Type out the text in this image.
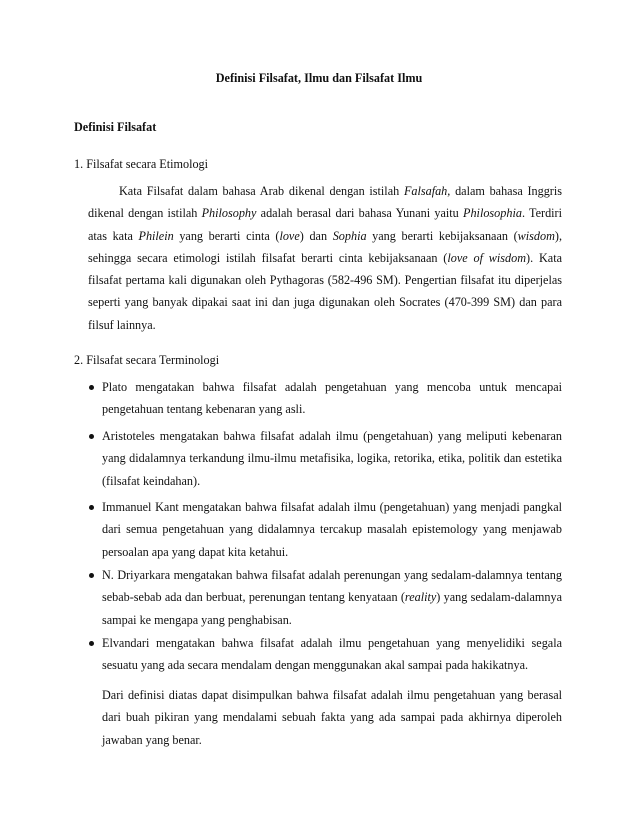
Definisi Filsafat, Ilmu dan Filsafat Ilmu
Definisi Filsafat

1. Filsafat secara Etimologi

Kata Filsafat dalam bahasa Arab dikenal dengan istilah Falsafah, dalam bahasa Inggris dikenal dengan istilah Philosophy adalah berasal dari bahasa Yunani yaitu Philosophia. Terdiri atas kata Philein yang berarti cinta (love) dan Sophia yang berarti kebijaksanaan (wisdom), sehingga secara etimologi istilah filsafat berarti cinta kebijaksanaan (love of wisdom). Kata filsafat pertama kali digunakan oleh Pythagoras (582-496 SM). Pengertian filsafat itu diperjelas seperti yang banyak dipakai saat ini dan juga digunakan oleh Socrates (470-399 SM) dan para filsuf lainnya.

2. Filsafat secara Terminologi

Plato mengatakan bahwa filsafat adalah pengetahuan yang mencoba untuk mencapai pengetahuan tentang kebenaran yang asli.
Aristoteles mengatakan bahwa filsafat adalah ilmu (pengetahuan) yang meliputi kebenaran yang didalamnya terkandung ilmu-ilmu metafisika, logika, retorika, etika, politik dan estetika (filsafat keindahan).
Immanuel Kant mengatakan bahwa filsafat adalah ilmu (pengetahuan) yang menjadi pangkal dari semua pengetahuan yang didalamnya tercakup masalah epistemology yang menjawab persoalan apa yang dapat kita ketahui.
N. Driyarkara mengatakan bahwa filsafat adalah perenungan yang sedalam-dalamnya tentang sebab-sebab ada dan berbuat, perenungan tentang kenyataan (reality) yang sedalam-dalamnya sampai ke mengapa yang penghabisan.
Elvandari mengatakan bahwa filsafat adalah ilmu pengetahuan yang menyelidiki segala sesuatu yang ada secara mendalam dengan menggunakan akal sampai pada hakikatnya.

Dari definisi diatas dapat disimpulkan bahwa filsafat adalah ilmu pengetahuan yang berasal dari buah pikiran yang mendalami sebuah fakta yang ada sampai pada akhirnya diperoleh jawaban yang benar.
